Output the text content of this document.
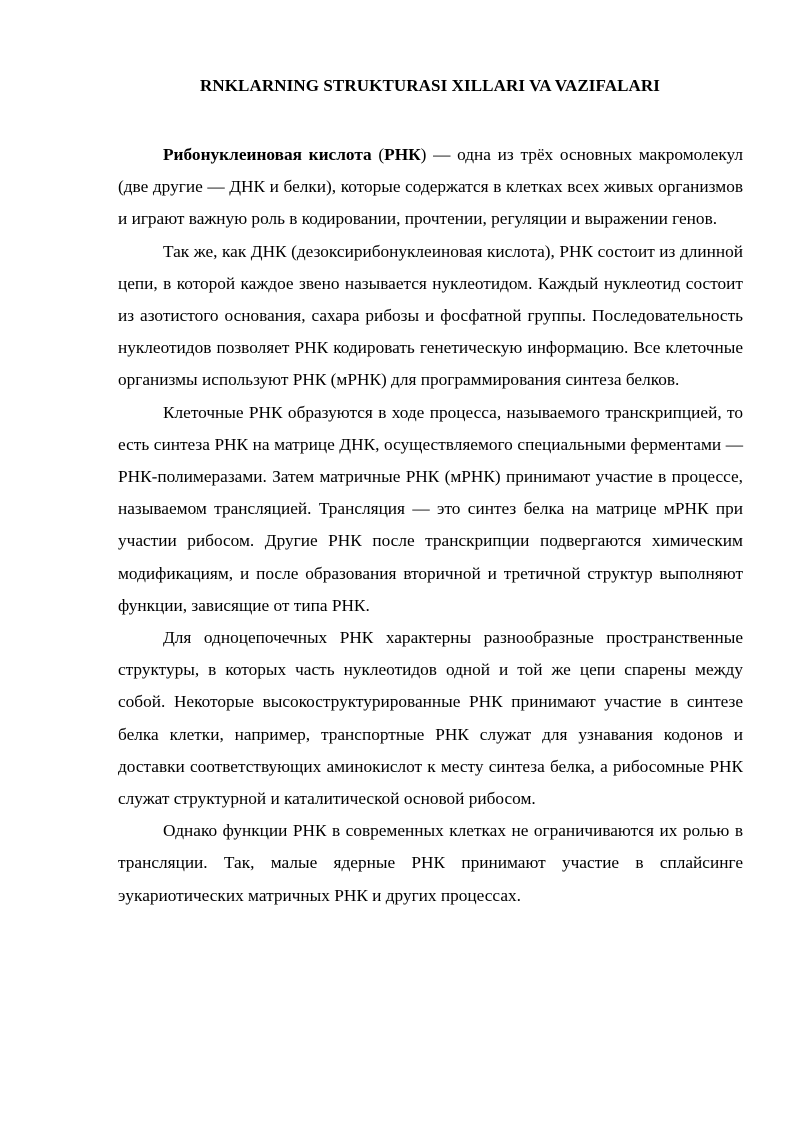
RNKLARNING STRUKTURASI XILLARI VA VAZIFALARI

Рибонуклеиновая кислота (РНК) — одна из трёх основных макромолекул (две другие — ДНК и белки), которые содержатся в клетках всех живых организмов и играют важную роль в кодировании, прочтении, регуляции и выражении генов.

Так же, как ДНК (дезоксирибонуклеиновая кислота), РНК состоит из длинной цепи, в которой каждое звено называется нуклеотидом. Каждый нуклеотид состоит из азотистого основания, сахара рибозы и фосфатной группы. Последовательность нуклеотидов позволяет РНК кодировать генетическую информацию. Все клеточные организмы используют РНК (мРНК) для программирования синтеза белков.

Клеточные РНК образуются в ходе процесса, называемого транскрипцией, то есть синтеза РНК на матрице ДНК, осуществляемого специальными ферментами — РНК-полимеразами. Затем матричные РНК (мРНК) принимают участие в процессе, называемом трансляцией. Трансляция — это синтез белка на матрице мРНК при участии рибосом. Другие РНК после транскрипции подвергаются химическим модификациям, и после образования вторичной и третичной структур выполняют функции, зависящие от типа РНК.

Для одноцепочечных РНК характерны разнообразные пространственные структуры, в которых часть нуклеотидов одной и той же цепи спарены между собой. Некоторые высокоструктурированные РНК принимают участие в синтезе белка клетки, например, транспортные РНК служат для узнавания кодонов и доставки соответствующих аминокислот к месту синтеза белка, а рибосомные РНК служат структурной и каталитической основой рибосом.

Однако функции РНК в современных клетках не ограничиваются их ролью в трансляции. Так, малые ядерные РНК принимают участие в сплайсинге эукариотических матричных РНК и других процессах.
